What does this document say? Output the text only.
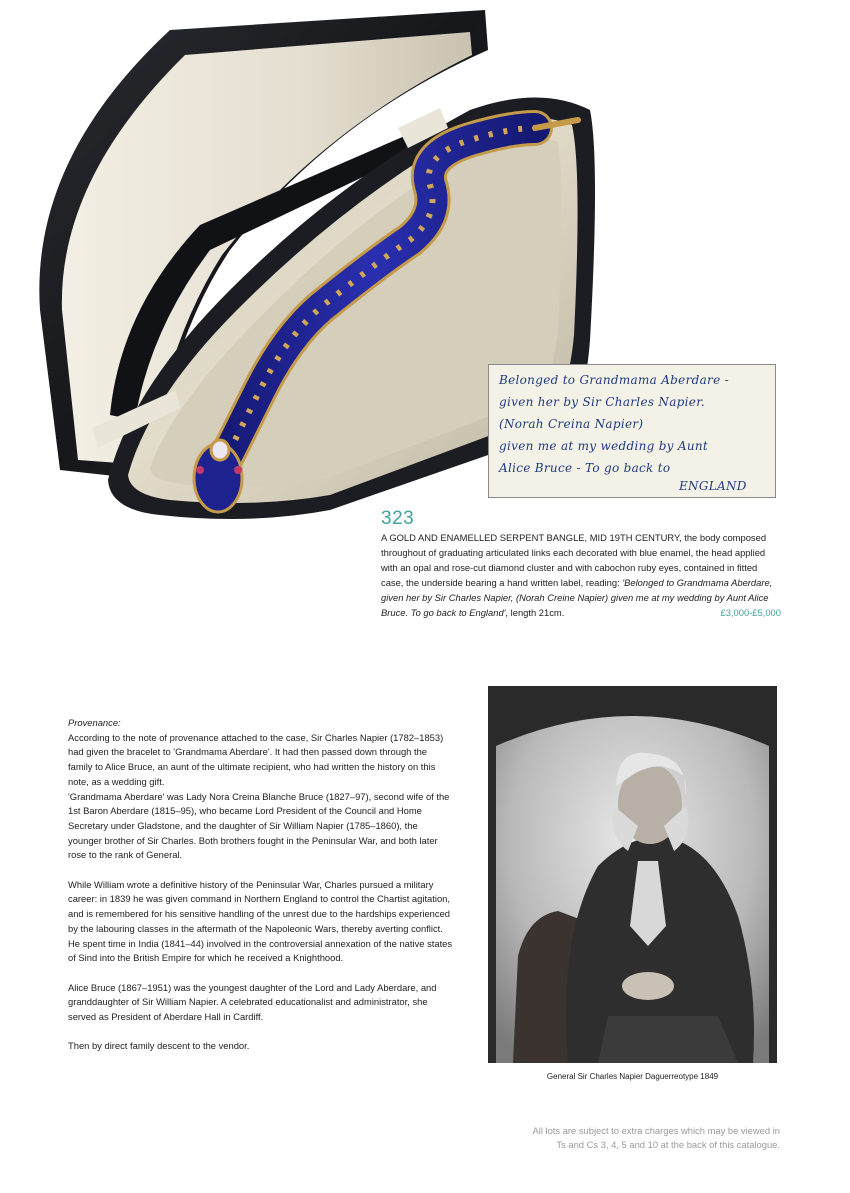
Belonged to Grandmama Aberdare -
given her by Sir Charles Napier.
(Norah Creina Napier)
given me at my wedding by Aunt
Alice Bruce - To go back to
ENGLAND
323
A GOLD AND ENAMELLED SERPENT BANGLE, MID 19TH CENTURY, the body composed throughout of graduating articulated links each decorated with blue enamel, the head applied with an opal and rose-cut diamond cluster and with cabochon ruby eyes, contained in fitted case, the underside bearing a hand written label, reading: 'Belonged to Grandmama Aberdare, given her by Sir Charles Napier, (Norah Creine Napier) given me at my wedding by Aunt Alice Bruce. To go back to England', length 21cm.	£3,000-£5,000

Provenance:

According to the note of provenance attached to the case, Sir Charles Napier (1782–1853) had given the bracelet to 'Grandmama Aberdare'. It had then passed down through the family to Alice Bruce, an aunt of the ultimate recipient, who had written the history on this note, as a wedding gift.

'Grandmama Aberdare' was Lady Nora Creina Blanche Bruce (1827–97), second wife of the 1st Baron Aberdare (1815–95), who became Lord President of the Council and Home Secretary under Gladstone, and the daughter of Sir William Napier (1785–1860), the younger brother of Sir Charles. Both brothers fought in the Peninsular War, and both later rose to the rank of General.

While William wrote a definitive history of the Peninsular War, Charles pursued a military career: in 1839 he was given command in Northern England to control the Chartist agitation, and is remembered for his sensitive handling of the unrest due to the hardships experienced by the labouring classes in the aftermath of the Napoleonic Wars, thereby averting conflict. He spent time in India (1841–44) involved in the controversial annexation of the native states of Sind into the British Empire for which he received a Knighthood.

Alice Bruce (1867–1951) was the youngest daughter of the Lord and Lady Aberdare, and granddaughter of Sir William Napier. A celebrated educationalist and administrator, she served as President of Aberdare Hall in Cardiff.

Then by direct family descent to the vendor.

General Sir Charles Napier Daguerreotype 1849
All lots are subject to extra charges which may be viewed in
Ts and Cs 3, 4, 5 and 10 at the back of this catalogue.
